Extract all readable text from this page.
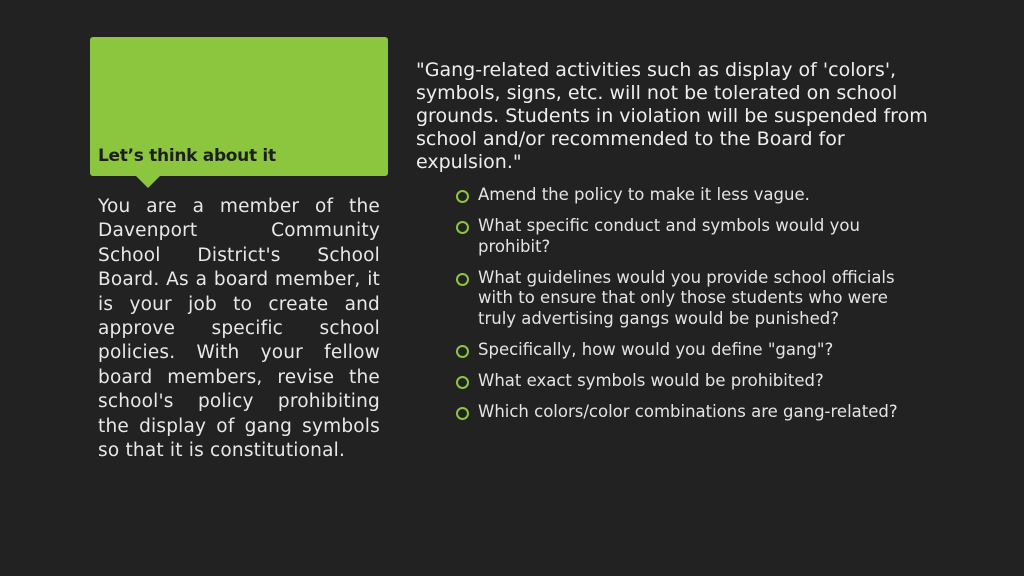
Let’s think about it
You are a member of the Davenport Community School District's School Board. As a board member, it is your job to create and approve specific school policies. With your fellow board members, revise the school's policy prohibiting the display of gang symbols so that it is constitutional.
"Gang-related activities such as display of 'colors', symbols, signs, etc. will not be tolerated on school grounds. Students in violation will be suspended from school and/or recommended to the Board for expulsion."
Amend the policy to make it less vague.
What specific conduct and symbols would you prohibit?
What guidelines would you provide school officials with to ensure that only those students who were truly advertising gangs would be punished?
Specifically, how would you define "gang"?
What exact symbols would be prohibited?
Which colors/color combinations are gang-related?
